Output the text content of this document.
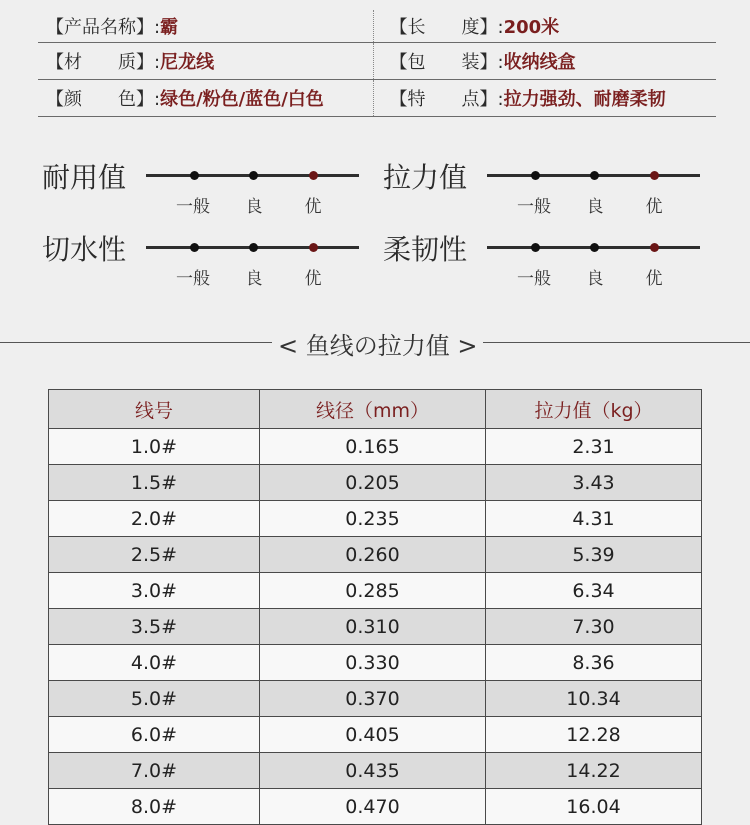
【产品名称】: 霸	【长　　度】: 200米
【材　　质】: 尼龙线	【包　　装】: 收纳线盒
【颜　　色】: 绿色/粉色/蓝色/白色	【特　　点】: 拉力强劲、耐磨柔韧
耐用值
一般 良 优
拉力值
一般 良 优
切水性
一般 良 优
柔韧性
一般 良 优
< 鱼线の拉力值 >
线号	线径（mm）	拉力值（kg）
1.0#	0.165	2.31
1.5#	0.205	3.43
2.0#	0.235	4.31
2.5#	0.260	5.39
3.0#	0.285	6.34
3.5#	0.310	7.30
4.0#	0.330	8.36
5.0#	0.370	10.34
6.0#	0.405	12.28
7.0#	0.435	14.22
8.0#	0.470	16.04
